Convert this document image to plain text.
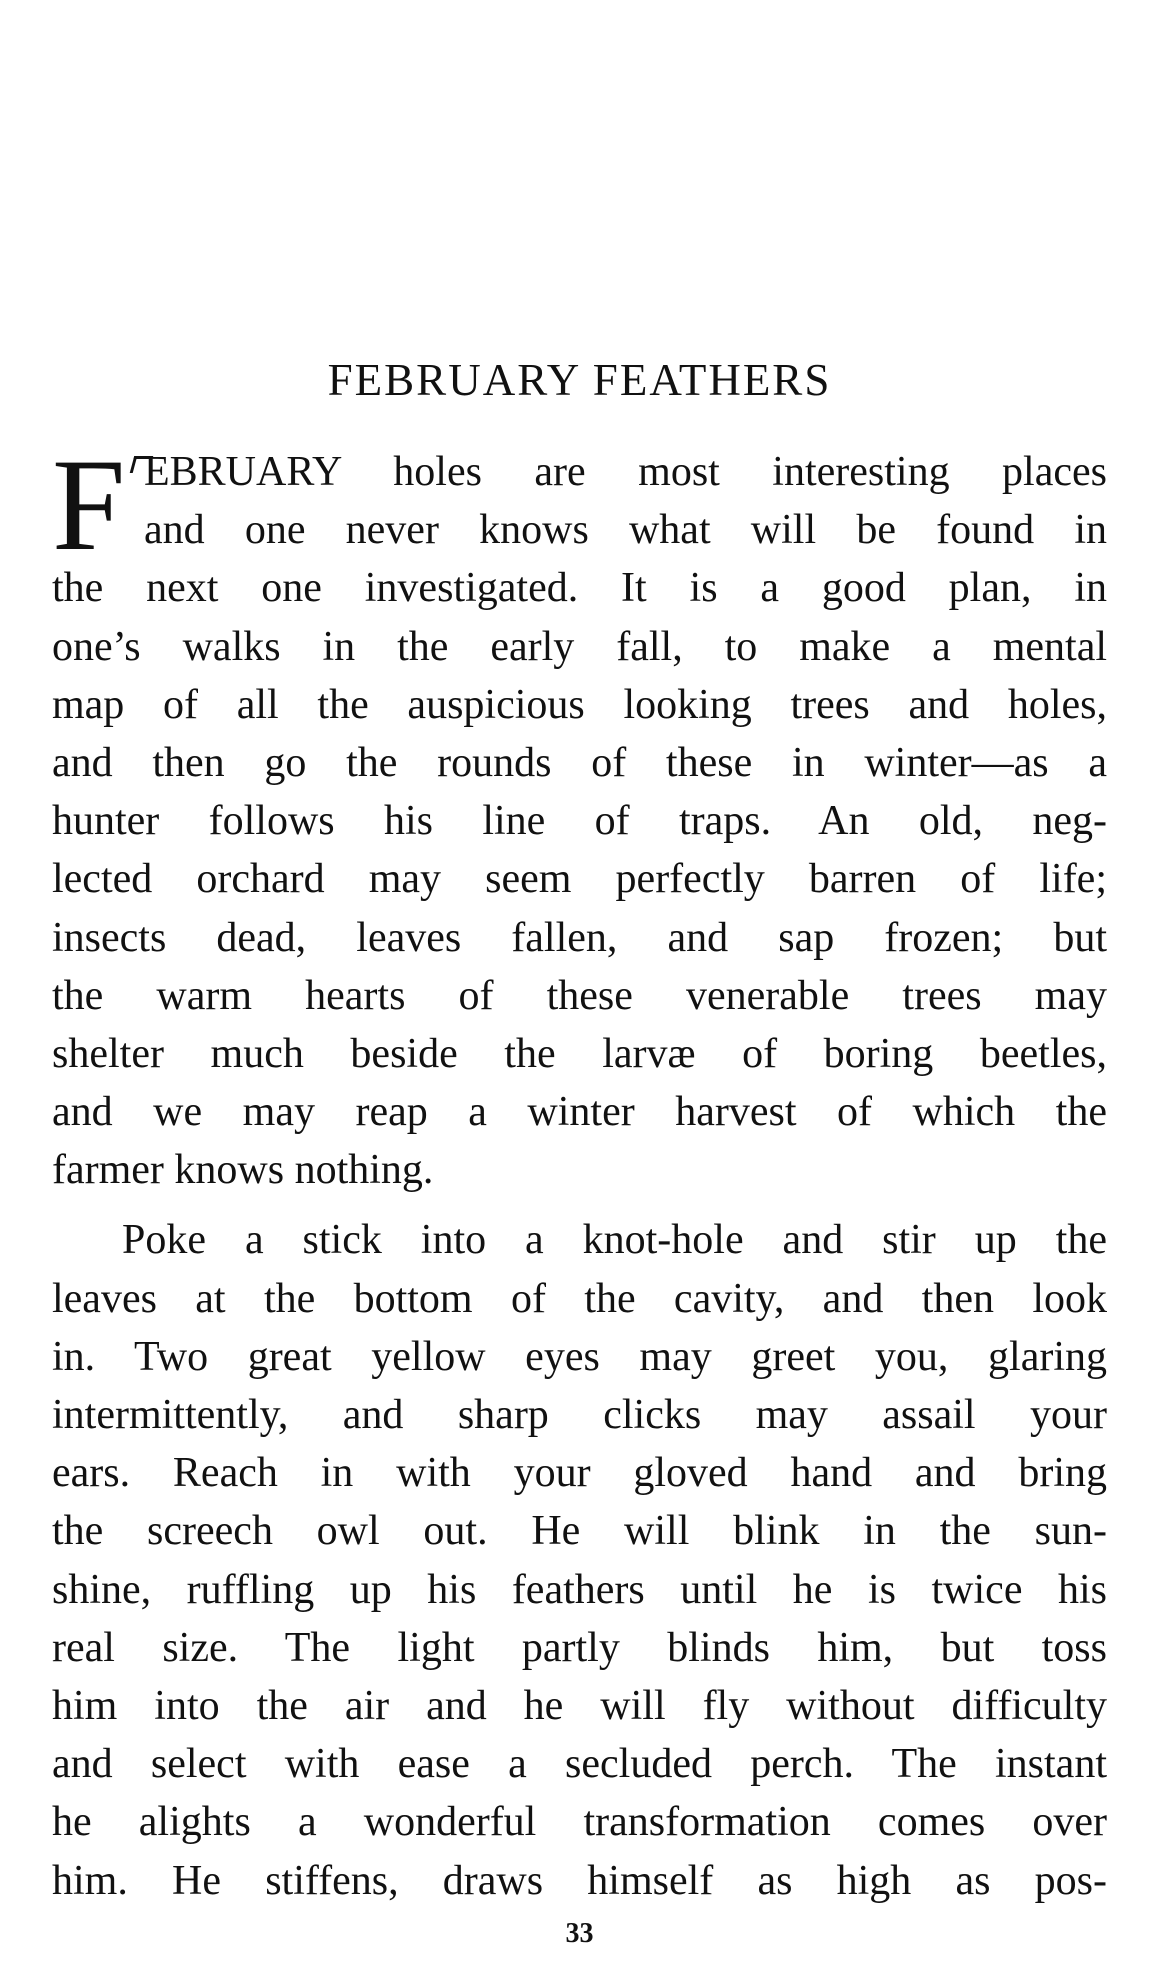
FEBRUARY FEATHERS
F EBRUARY holes are most interesting places
and one never knows what will be found in
the next one investigated. It is a good plan, in
one’s walks in the early fall, to make a mental
map of all the auspicious looking trees and holes,
and then go the rounds of these in winter—as a
hunter follows his line of traps. An old, neg-
lected orchard may seem perfectly barren of life;
insects dead, leaves fallen, and sap frozen; but
the warm hearts of these venerable trees may
shelter much beside the larvæ of boring beetles,
and we may reap a winter harvest of which the
farmer knows nothing.
Poke a stick into a knot-hole and stir up the
leaves at the bottom of the cavity, and then look
in. Two great yellow eyes may greet you, glaring
intermittently, and sharp clicks may assail your
ears. Reach in with your gloved hand and bring
the screech owl out. He will blink in the sun-
shine, ruffling up his feathers until he is twice his
real size. The light partly blinds him, but toss
him into the air and he will fly without difficulty
and select with ease a secluded perch. The instant
he alights a wonderful transformation comes over
him. He stiffens, draws himself as high as pos-
33
